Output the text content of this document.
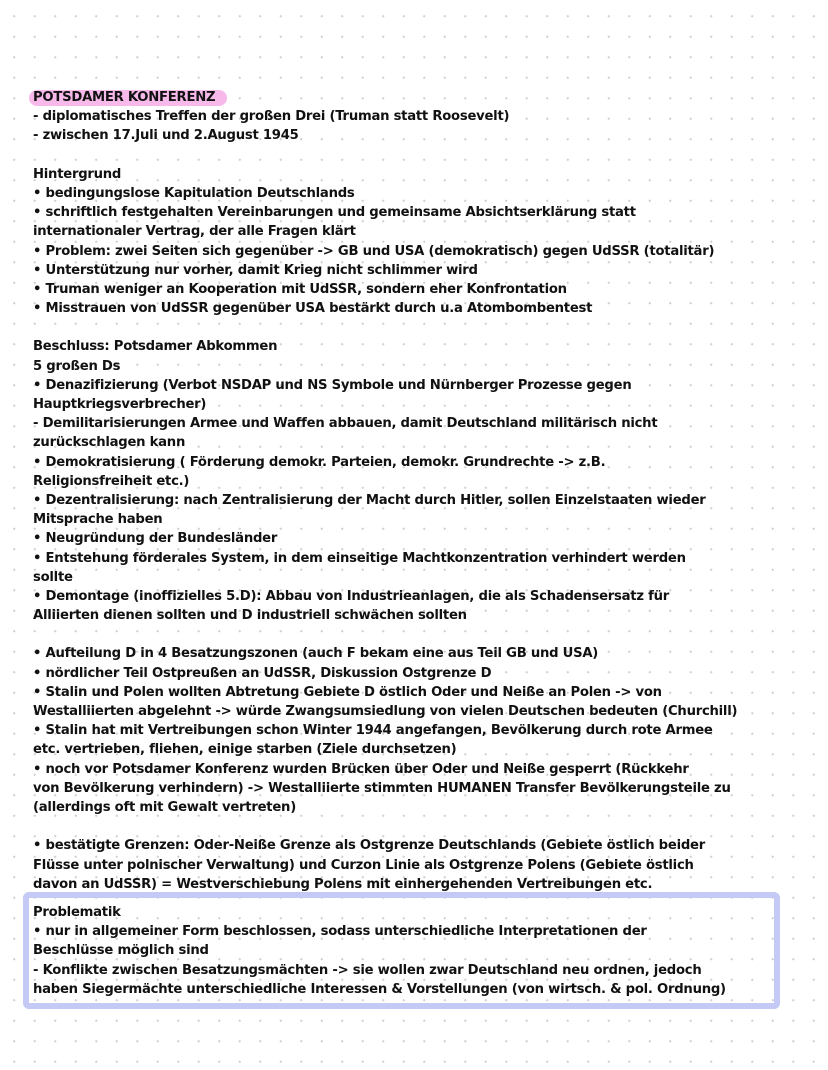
POTSDAMER KONFERENZ
- diplomatisches Treffen der großen Drei (Truman statt Roosevelt)
- zwischen 17.Juli und 2.August 1945
Hintergrund
• bedingungslose Kapitulation Deutschlands
• schriftlich festgehalten Vereinbarungen und gemeinsame Absichtserklärung statt
internationaler Vertrag, der alle Fragen klärt
• Problem: zwei Seiten sich gegenüber -> GB und USA (demokratisch) gegen UdSSR (totalitär)
• Unterstützung nur vorher, damit Krieg nicht schlimmer wird
• Truman weniger an Kooperation mit UdSSR, sondern eher Konfrontation
• Misstrauen von UdSSR gegenüber USA bestärkt durch u.a Atombombentest
Beschluss: Potsdamer Abkommen
5 großen Ds
• Denazifizierung (Verbot NSDAP und NS Symbole und Nürnberger Prozesse gegen
Hauptkriegsverbrecher)
- Demilitarisierungen Armee und Waffen abbauen, damit Deutschland militärisch nicht
zurückschlagen kann
• Demokratisierung ( Förderung demokr. Parteien, demokr. Grundrechte -> z.B.
Religionsfreiheit etc.)
• Dezentralisierung: nach Zentralisierung der Macht durch Hitler, sollen Einzelstaaten wieder
Mitsprache haben
• Neugründung der Bundesländer
• Entstehung förderales System, in dem einseitige Machtkonzentration verhindert werden
sollte
• Demontage (inoffizielles 5.D): Abbau von Industrieanlagen, die als Schadensersatz für
Alliierten dienen sollten und D industriell schwächen sollten
• Aufteilung D in 4 Besatzungszonen (auch F bekam eine aus Teil GB und USA)
• nördlicher Teil Ostpreußen an UdSSR, Diskussion Ostgrenze D
• Stalin und Polen wollten Abtretung Gebiete D östlich Oder und Neiße an Polen -> von
Westalliierten abgelehnt -> würde Zwangsumsiedlung von vielen Deutschen bedeuten (Churchill)
• Stalin hat mit Vertreibungen schon Winter 1944 angefangen, Bevölkerung durch rote Armee
etc. vertrieben, fliehen, einige starben (Ziele durchsetzen)
• noch vor Potsdamer Konferenz wurden Brücken über Oder und Neiße gesperrt (Rückkehr
von Bevölkerung verhindern) -> Westalliierte stimmten HUMANEN Transfer Bevölkerungsteile zu
(allerdings oft mit Gewalt vertreten)
• bestätigte Grenzen: Oder-Neiße Grenze als Ostgrenze Deutschlands (Gebiete östlich beider
Flüsse unter polnischer Verwaltung) und Curzon Linie als Ostgrenze Polens (Gebiete östlich
davon an UdSSR) = Westverschiebung Polens mit einhergehenden Vertreibungen etc.
Problematik
• nur in allgemeiner Form beschlossen, sodass unterschiedliche Interpretationen der
Beschlüsse möglich sind
- Konflikte zwischen Besatzungsmächten -> sie wollen zwar Deutschland neu ordnen, jedoch
haben Siegermächte unterschiedliche Interessen & Vorstellungen (von wirtsch. & pol. Ordnung)
